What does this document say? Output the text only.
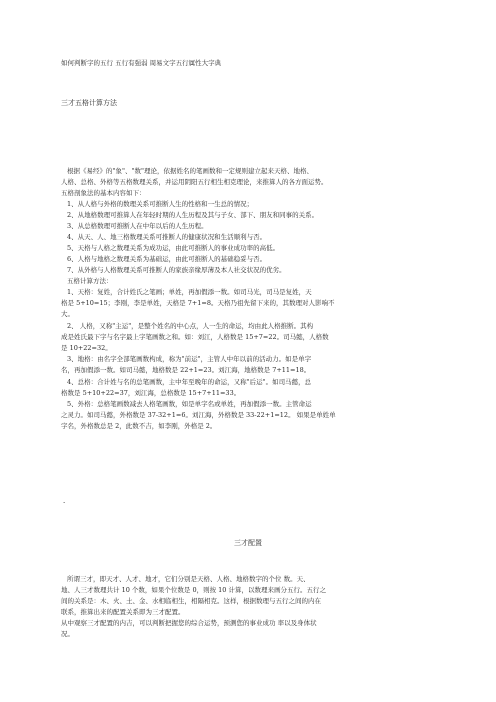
如何判断字的五行 五行有强弱 周易文字五行属性大字典
三才五格计算方法
根据《易经》的"象"、"数"理论，依据姓名的笔画数和一定规则建立起来天格、地格、
人格、总格、外格等五格数理关系，并运用阴阳五行相生相克理论，来推算人的各方面运势。
五格剖象法的基本内容如下：
1、从人格与外格的数理关系可推断人生的性格和一生总的情况；
2、从地格数理可推算人在年轻时期的人生历程及其与子女、部下、朋友和同事的关系。
3、从总格数理可推断人在中年以后的人生历程。
4、从天、人、地三格数理关系可推断人的健康状况和生活顺利与否。
5、天格与人格之数理关系为成功运，由此可推断人的事业成功率的高低。
6、人格与地格之数理关系为基础运，由此可推断人的基础稳妥与否。
7、从外格与人格数理关系可推断人的家族亲缘厚薄及本人社交状况的优劣。
五格计算方法：
1、天格：复姓，合计姓氏之笔画；单姓，再加假添一数。如司马光，司马是复姓，天
格是 5+10=15；李刚，李是单姓，天格是 7+1=8。天格乃祖先留下来的，其数理对人影响不
大。
2、 人格，又称"主运"，是整个姓名的中心点，人一生的命运，均由此人格推断。其构
成是姓氏最下字与名字最上字笔画数之和。如：刘江，人格数是 15+7=22。司马懿，人格数
是 10+22=32。
3、地格：由名字全部笔画数构成，称为"前运"，主管人中年以前的活动力。如是单字
名，再加假添一数。如司马懿，地格数是 22+1=23。刘江海，地格数是 7+11=18。
4、总格：合计姓与名的总笔画数，主中年至晚年的命运，又称"后运"。如司马懿，总
格数是 5+10+22=37，刘江海，总格数是 15+7+11=33。
5、外格：总格笔画数减去人格笔画数，如是单字名或单姓，再加假添一数。主管命运
之灵力。如司马懿，外格数是 37-32+1=6。刘江海，外格数是 33-22+1=12。 如果是单姓单
字名，外格数总是 2，此数不吉，如李刚，外格是 2。
·
三才配置
所谓三才，即天才、人才、地才，它们分别是天格、人格、地格数字的个位 数。天、
地、人三才数理共计 10 个数，如果个位数是 0，则按 10 计算，以数理来画分五行。五行之
间的关系是：木、火、土、金、水相临相生，相隔相克。这样，根据数理与五行之间的内在
联系，推算出来的配置关系即为三才配置。
从中观察三才配置的内吉，可以判断把握您的综合运势，预测您的事业成功 率以及身体状
况。
